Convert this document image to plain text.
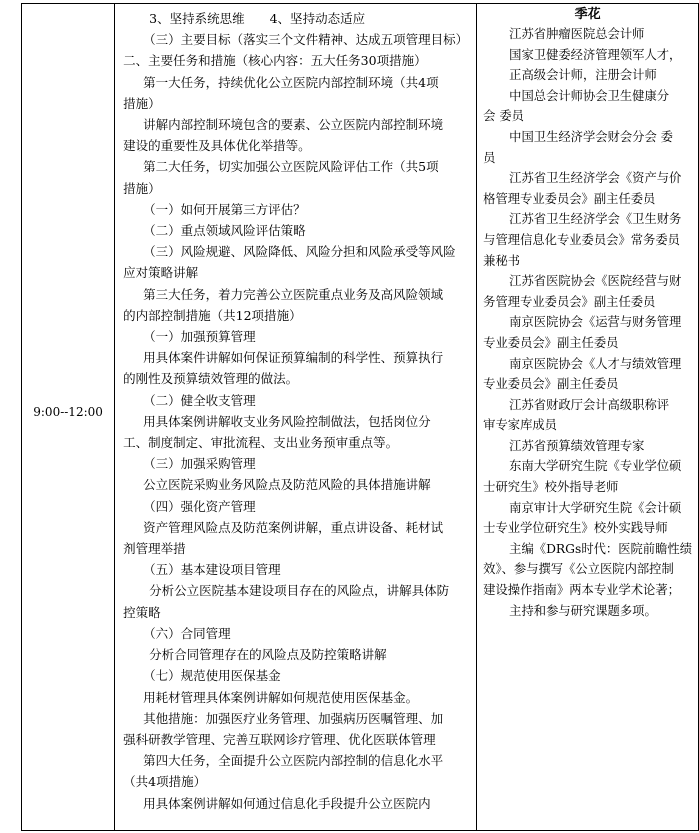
9:00--12:00

3、坚持系统思维　　4、坚持动态适应
（三）主要目标（落实三个文件精神、达成五项管理目标）
二、主要任务和措施（核心内容：五大任务30项措施）
第一大任务，持续优化公立医院内部控制环境（共4项
措施）
讲解内部控制环境包含的要素、公立医院内部控制环境
建设的重要性及具体优化举措等。
第二大任务，切实加强公立医院风险评估工作（共5项
措施）
（一）如何开展第三方评估？
（二）重点领域风险评估策略
（三）风险规避、风险降低、风险分担和风险承受等风险
应对策略讲解
第三大任务，着力完善公立医院重点业务及高风险领域
的内部控制措施（共12项措施）
（一）加强预算管理
用具体案件讲解如何保证预算编制的科学性、预算执行
的刚性及预算绩效管理的做法。
（二）健全收支管理
用具体案例讲解收支业务风险控制做法，包括岗位分
工、制度制定、审批流程、支出业务预审重点等。
（三）加强采购管理
公立医院采购业务风险点及防范风险的具体措施讲解
（四）强化资产管理
资产管理风险点及防范案例讲解，重点讲设备、耗材试
剂管理举措
（五）基本建设项目管理
分析公立医院基本建设项目存在的风险点，讲解具体防
控策略
（六）合同管理
分析合同管理存在的风险点及防控策略讲解
（七）规范使用医保基金
用耗材管理具体案例讲解如何规范使用医保基金。
其他措施：加强医疗业务管理、加强病历医嘱管理、加
强科研教学管理、完善互联网诊疗管理、优化医联体管理
第四大任务，全面提升公立医院内部控制的信息化水平
（共4项措施）
用具体案例讲解如何通过信息化手段提升公立医院内

季花
江苏省肿瘤医院总会计师
国家卫健委经济管理领军人才，
正高级会计师，注册会计师
中国总会计师协会卫生健康分
会 委员
中国卫生经济学会财会分会 委
员
江苏省卫生经济学会《资产与价
格管理专业委员会》副主任委员
江苏省卫生经济学会《卫生财务
与管理信息化专业委员会》常务委员
兼秘书
江苏省医院协会《医院经营与财
务管理专业委员会》副主任委员
南京医院协会《运营与财务管理
专业委员会》副主任委员
南京医院协会《人才与绩效管理
专业委员会》副主任委员
江苏省财政厅会计高级职称评
审专家库成员
江苏省预算绩效管理专家
东南大学研究生院《专业学位硕
士研究生》校外指导老师
南京审计大学研究生院《会计硕
士专业学位研究生》校外实践导师
主编《DRGs时代：医院前瞻性绩
效》、参与撰写《公立医院内部控制
建设操作指南》两本专业学术论著；
主持和参与研究课题多项。
